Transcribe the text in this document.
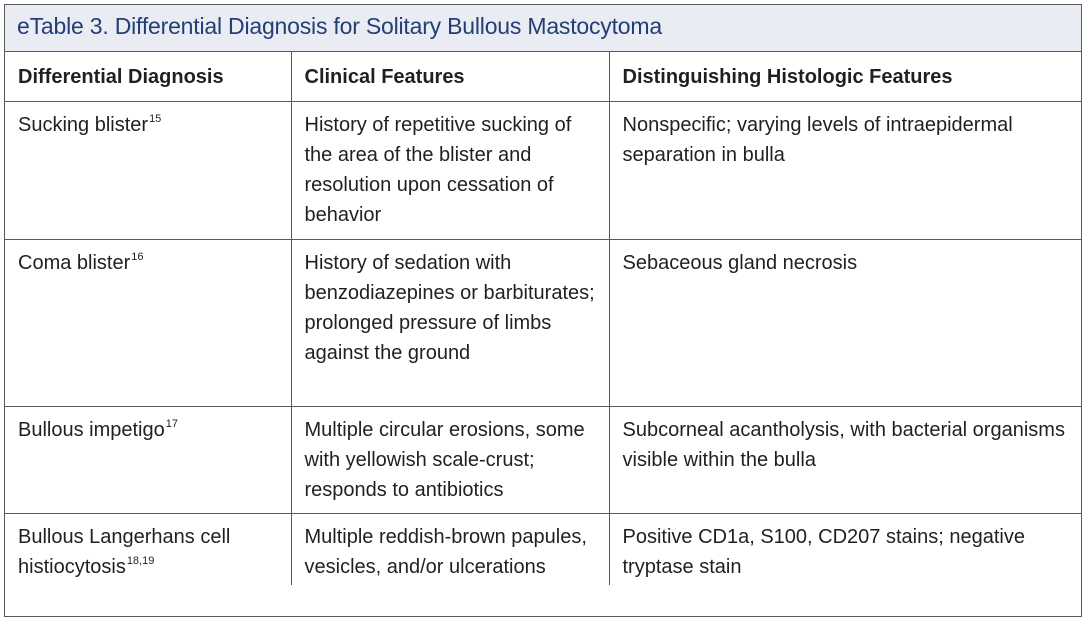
eTable 3. Differential Diagnosis for Solitary Bullous Mastocytoma
Differential Diagnosis	Clinical Features	Distinguishing Histologic Features
Sucking blister$^{15}$	History of repetitive sucking of the area of the blister and resolution upon cessation of behavior	Nonspecific; varying levels of intraepidermal separation in bulla
Coma blister$^{16}$	History of sedation with benzodiazepines or barbiturates; prolonged pressure of limbs against the ground	Sebaceous gland necrosis
Bullous impetigo$^{17}$	Multiple circular erosions, some with yellowish scale-crust; responds to antibiotics	Subcorneal acantholysis, with bacterial organisms visible within the bulla
Bullous Langerhans cell histiocytosis$^{18,19}$	Multiple reddish-brown papules, vesicles, and/or ulcerations	Positive CD1a, S100, CD207 stains; negative tryptase stain
